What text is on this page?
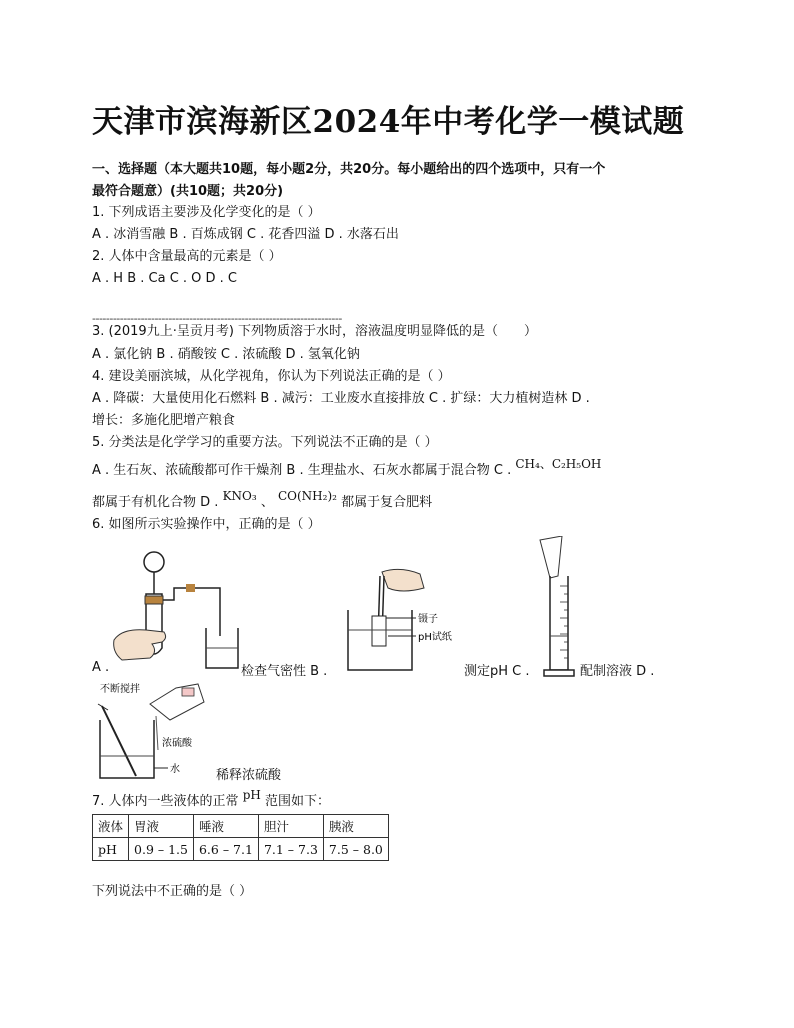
天津市滨海新区2024年中考化学一模试题
一、选择题（本大题共10题，每小题2分，共20分。每小题给出的四个选项中，只有一个
最符合题意）(共10题；共20分)
1. 下列成语主要涉及化学变化的是（ ）
A . 冰消雪融 B . 百炼成钢 C . 花香四溢 D . 水落石出
2. 人体中含量最高的元素是（ ）
A . H B . Ca C . O D . C
------------------------------------------------------------------------
3. (2019九上·呈贡月考) 下列物质溶于水时，溶液温度明显降低的是（　　）
A . 氯化钠 B . 硝酸铵 C . 浓硫酸 D . 氢氧化钠
4. 建设美丽滨城，从化学视角，你认为下列说法正确的是（ ）
A . 降碳：大量使用化石燃料 B . 减污：工业废水直接排放 C . 扩绿：大力植树造林 D .
增长：多施化肥增产粮食
5. 分类法是化学学习的重要方法。下列说法不正确的是（ ）
A . 生石灰、浓硫酸都可作干燥剂 B . 生理盐水、石灰水都属于混合物 C . CH₄、C₂H₅OH
都属于有机化合物 D . KNO₃ 、 CO(NH₂)₂ 都属于复合肥料
6. 如图所示实验操作中，正确的是（ ）
A .	检查气密性 B .
镊子
pH试纸
测定pH C .	配制溶液 D .
不断搅拌
浓硫酸
水	稀释浓硫酸
7. 人体内一些液体的正常 pH 范围如下：
液体	胃液	唾液	胆汁	胰液
pH	0.9 – 1.5	6.6 – 7.1	7.1 – 7.3	7.5 – 8.0
下列说法中不正确的是（ ）
